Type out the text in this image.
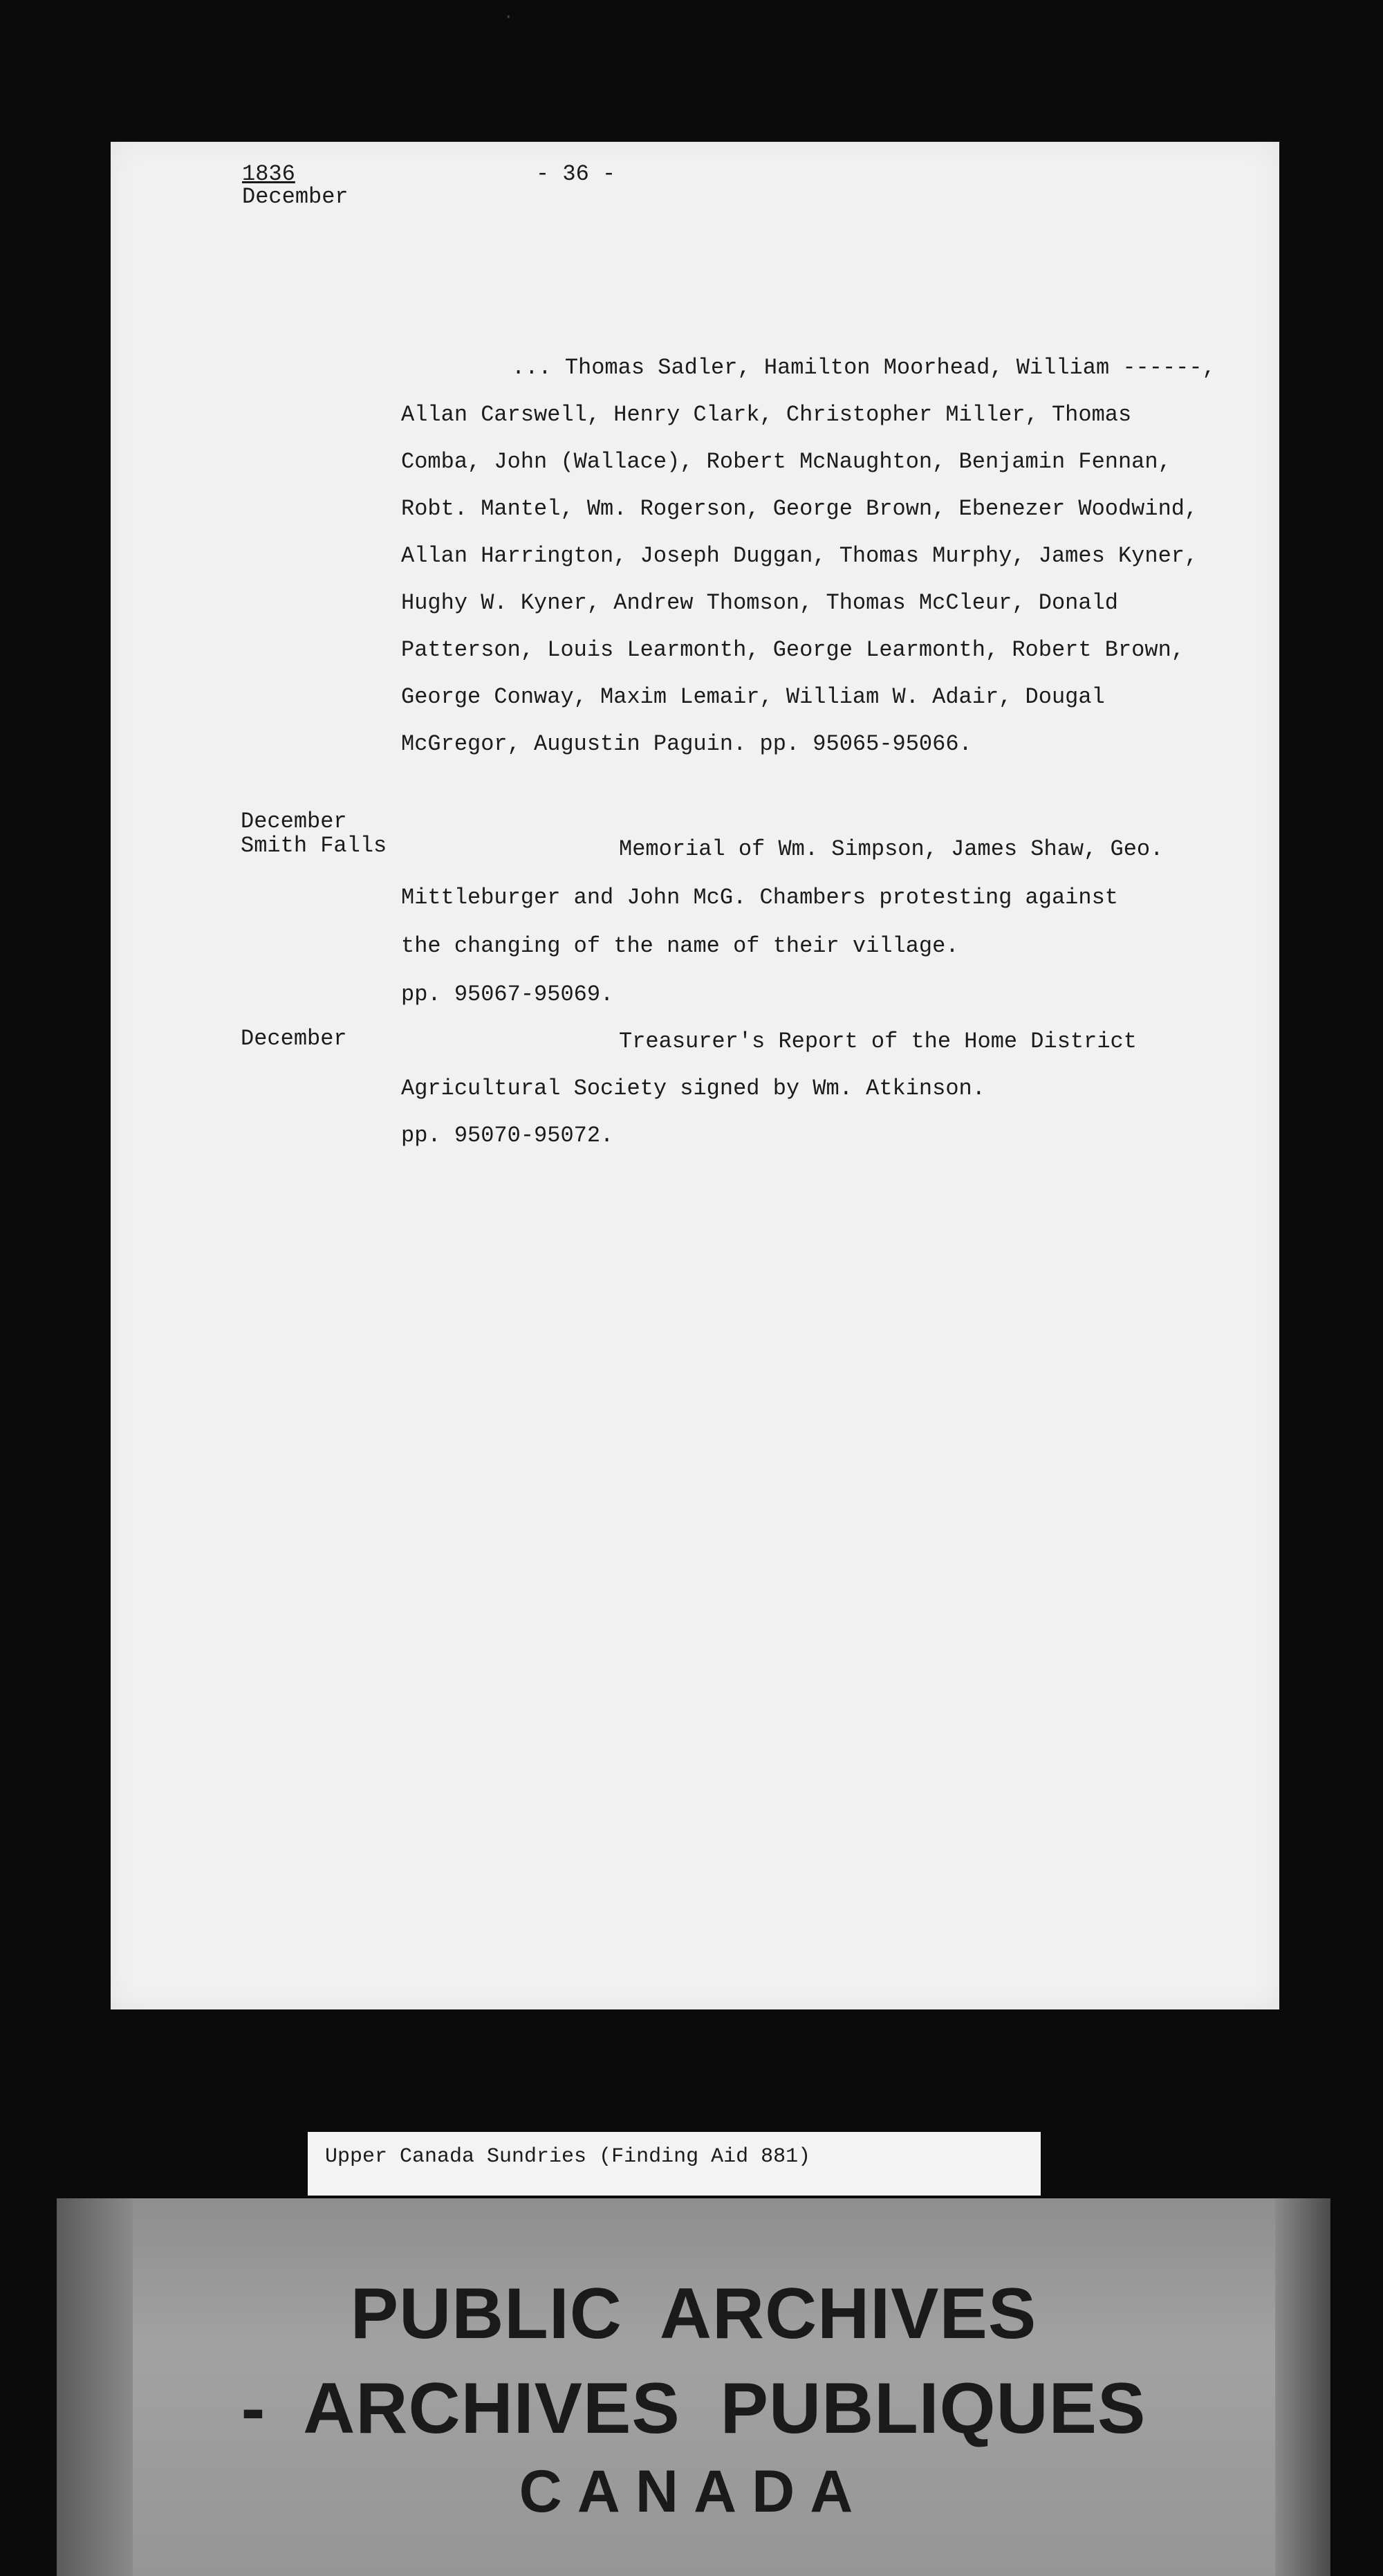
·
1836
December
- 36 -
... Thomas Sadler, Hamilton Moorhead, William ------,
Allan Carswell, Henry Clark, Christopher Miller, Thomas
Comba, John (Wallace), Robert McNaughton, Benjamin Fennan,
Robt. Mantel, Wm. Rogerson, George Brown, Ebenezer Woodwind,
Allan Harrington, Joseph Duggan, Thomas Murphy, James Kyner,
Hughy W. Kyner, Andrew Thomson, Thomas McCleur, Donald
Patterson, Louis Learmonth, George Learmonth, Robert Brown,
George Conway, Maxim Lemair, William W. Adair, Dougal
McGregor, Augustin Paguin. pp. 95065-95066.
December
Smith Falls	Memorial of Wm. Simpson, James Shaw, Geo.
Mittleburger and John McG. Chambers protesting against
the changing of the name of their village.
pp. 95067-95069.
December	Treasurer's Report of the Home District
Agricultural Society signed by Wm. Atkinson.
pp. 95070-95072.
Upper Canada Sundries (Finding Aid 881)
PUBLIC ARCHIVES
- ARCHIVES PUBLIQUES
CANADA
